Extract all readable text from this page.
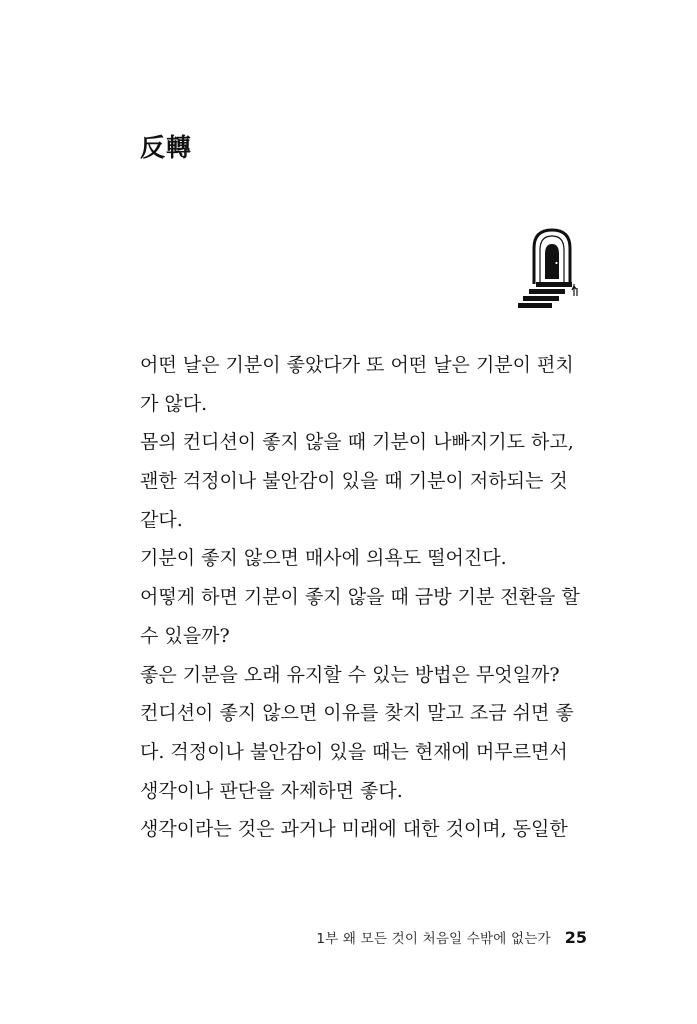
反轉
어떤 날은 기분이 좋았다가 또 어떤 날은 기분이 편치
가 않다.
몸의 컨디션이 좋지 않을 때 기분이 나빠지기도 하고,
괜한 걱정이나 불안감이 있을 때 기분이 저하되는 것
같다.
기분이 좋지 않으면 매사에 의욕도 떨어진다.
어떻게 하면 기분이 좋지 않을 때 금방 기분 전환을 할
수 있을까?
좋은 기분을 오래 유지할 수 있는 방법은 무엇일까?
컨디션이 좋지 않으면 이유를 찾지 말고 조금 쉬면 좋
다. 걱정이나 불안감이 있을 때는 현재에 머무르면서
생각이나 판단을 자제하면 좋다.
생각이라는 것은 과거나 미래에 대한 것이며, 동일한
1부 왜 모든 것이 처음일 수밖에 없는가 25
